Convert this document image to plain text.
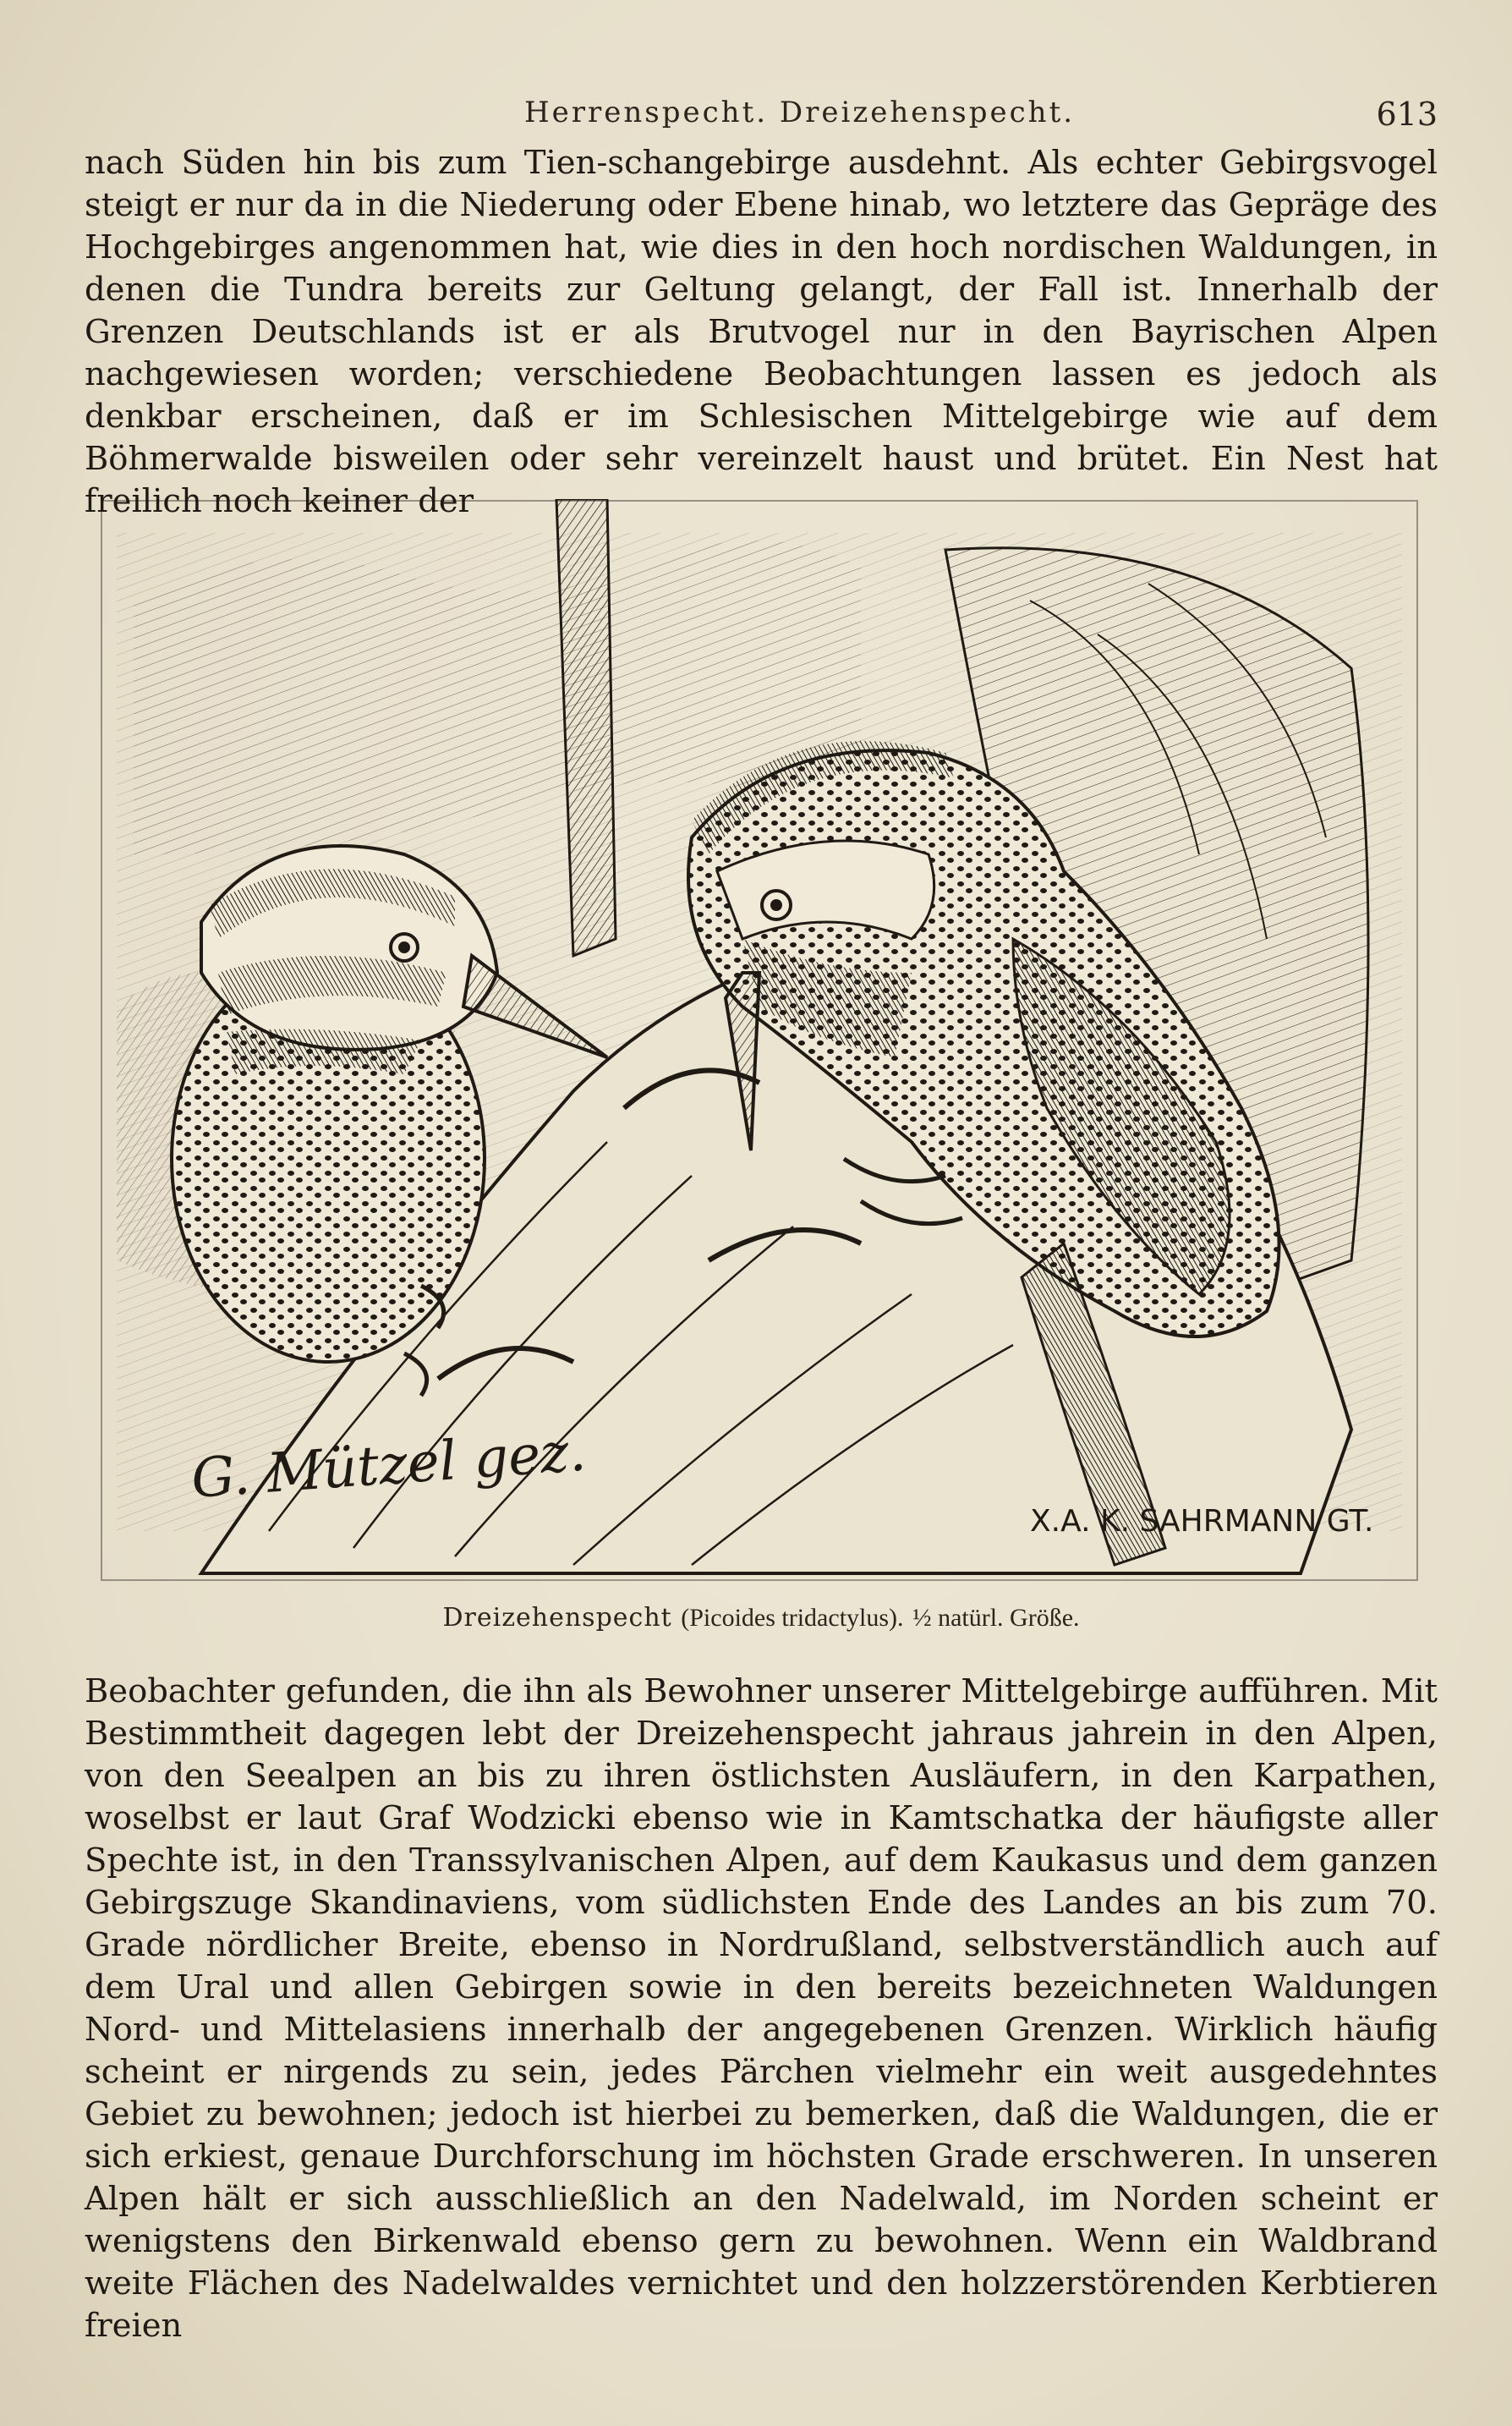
Herrenspecht. Dreizehenspecht.	613

nach Süden hin bis zum Tien-schangebirge ausdehnt. Als echter Gebirgsvogel steigt er nur da in die Niederung oder Ebene hinab, wo letztere das Gepräge des Hochgebirges angenommen hat, wie dies in den hoch nordischen Waldungen, in denen die Tundra bereits zur Geltung gelangt, der Fall ist. Innerhalb der Grenzen Deutschlands ist er als Brutvogel nur in den Bayrischen Alpen nachgewiesen worden; verschiedene Beobachtungen lassen es jedoch als denkbar erscheinen, daß er im Schlesischen Mittelgebirge wie auf dem Böhmerwalde bisweilen oder sehr vereinzelt haust und brütet. Ein Nest hat freilich noch keiner der

G. Mützel gez.
X.A. K. SAHRMANN GT.
Dreizehenspecht (Picoides tridactylus). ½ natürl. Größe.

Beobachter gefunden, die ihn als Bewohner unserer Mittelgebirge aufführen. Mit Bestimmtheit dagegen lebt der Dreizehenspecht jahraus jahrein in den Alpen, von den Seealpen an bis zu ihren östlichsten Ausläufern, in den Karpathen, woselbst er laut Graf Wodzicki ebenso wie in Kamtschatka der häufigste aller Spechte ist, in den Transsylvanischen Alpen, auf dem Kaukasus und dem ganzen Gebirgszuge Skandinaviens, vom südlichsten Ende des Landes an bis zum 70. Grade nördlicher Breite, ebenso in Nordrußland, selbstverständlich auch auf dem Ural und allen Gebirgen sowie in den bereits bezeichneten Waldungen Nord- und Mittelasiens innerhalb der angegebenen Grenzen. Wirklich häufig scheint er nirgends zu sein, jedes Pärchen vielmehr ein weit ausgedehntes Gebiet zu bewohnen; jedoch ist hierbei zu bemerken, daß die Waldungen, die er sich erkiest, genaue Durchforschung im höchsten Grade erschweren. In unseren Alpen hält er sich ausschließlich an den Nadelwald, im Norden scheint er wenigstens den Birkenwald ebenso gern zu bewohnen. Wenn ein Waldbrand weite Flächen des Nadelwaldes vernichtet und den holzzerstörenden Kerbtieren freien
